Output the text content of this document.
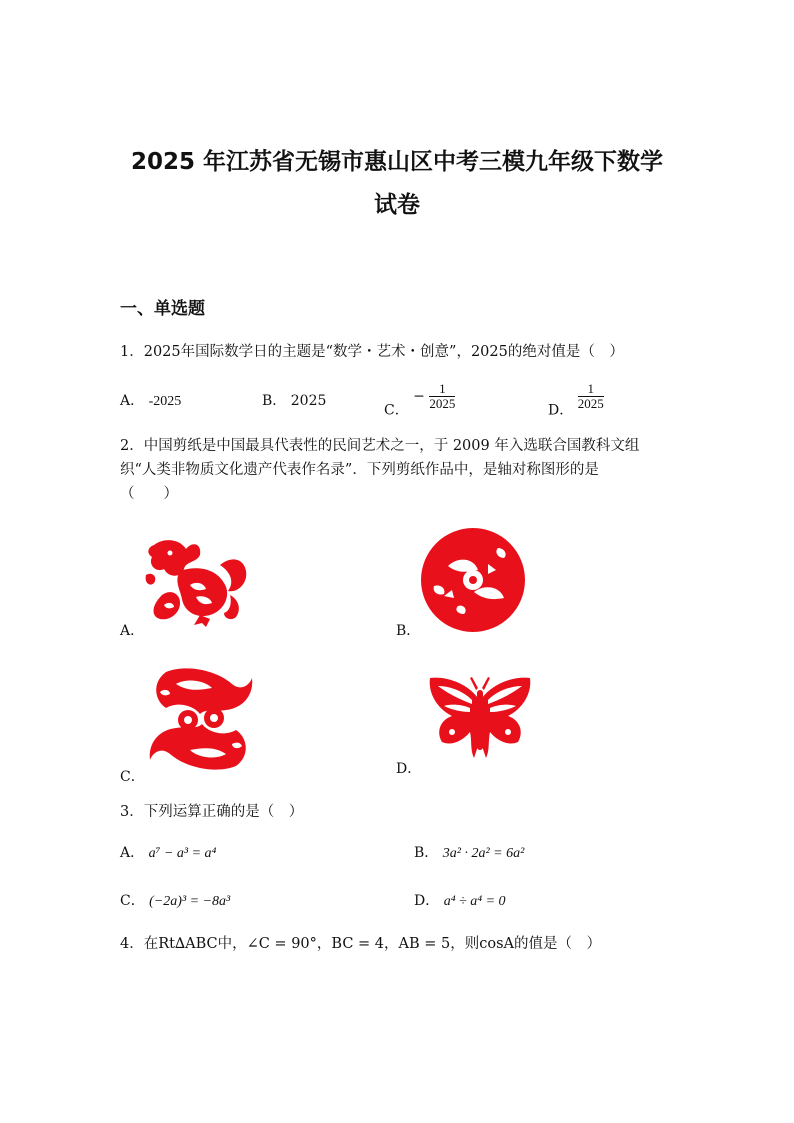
2025 年江苏省无锡市惠山区中考三模九年级下数学
试卷
一、单选题
1．2025年国际数学日的主题是“数学・艺术・创意”，2025的绝对值是（　）
A． ‑2025	B． 2025
C． − $\frac{1}{2025}$	D． $\frac{1}{2025}$
2．中国剪纸是中国最具代表性的民间艺术之一，于 2009 年入选联合国教科文组
织“人类非物质文化遗产代表作名录”．下列剪纸作品中，是轴对称图形的是
（　　）
A．	B．
C．	D．
3．下列运算正确的是（　）
A． a⁷ − a³ = a⁴	B． 3a² · 2a² = 6a²
C． (−2a)³ = −8a³	D． a⁴ ÷ a⁴ = 0
4．在Rt∆ABC中，∠C = 90°，BC = 4，AB = 5，则cosA的值是（　）
